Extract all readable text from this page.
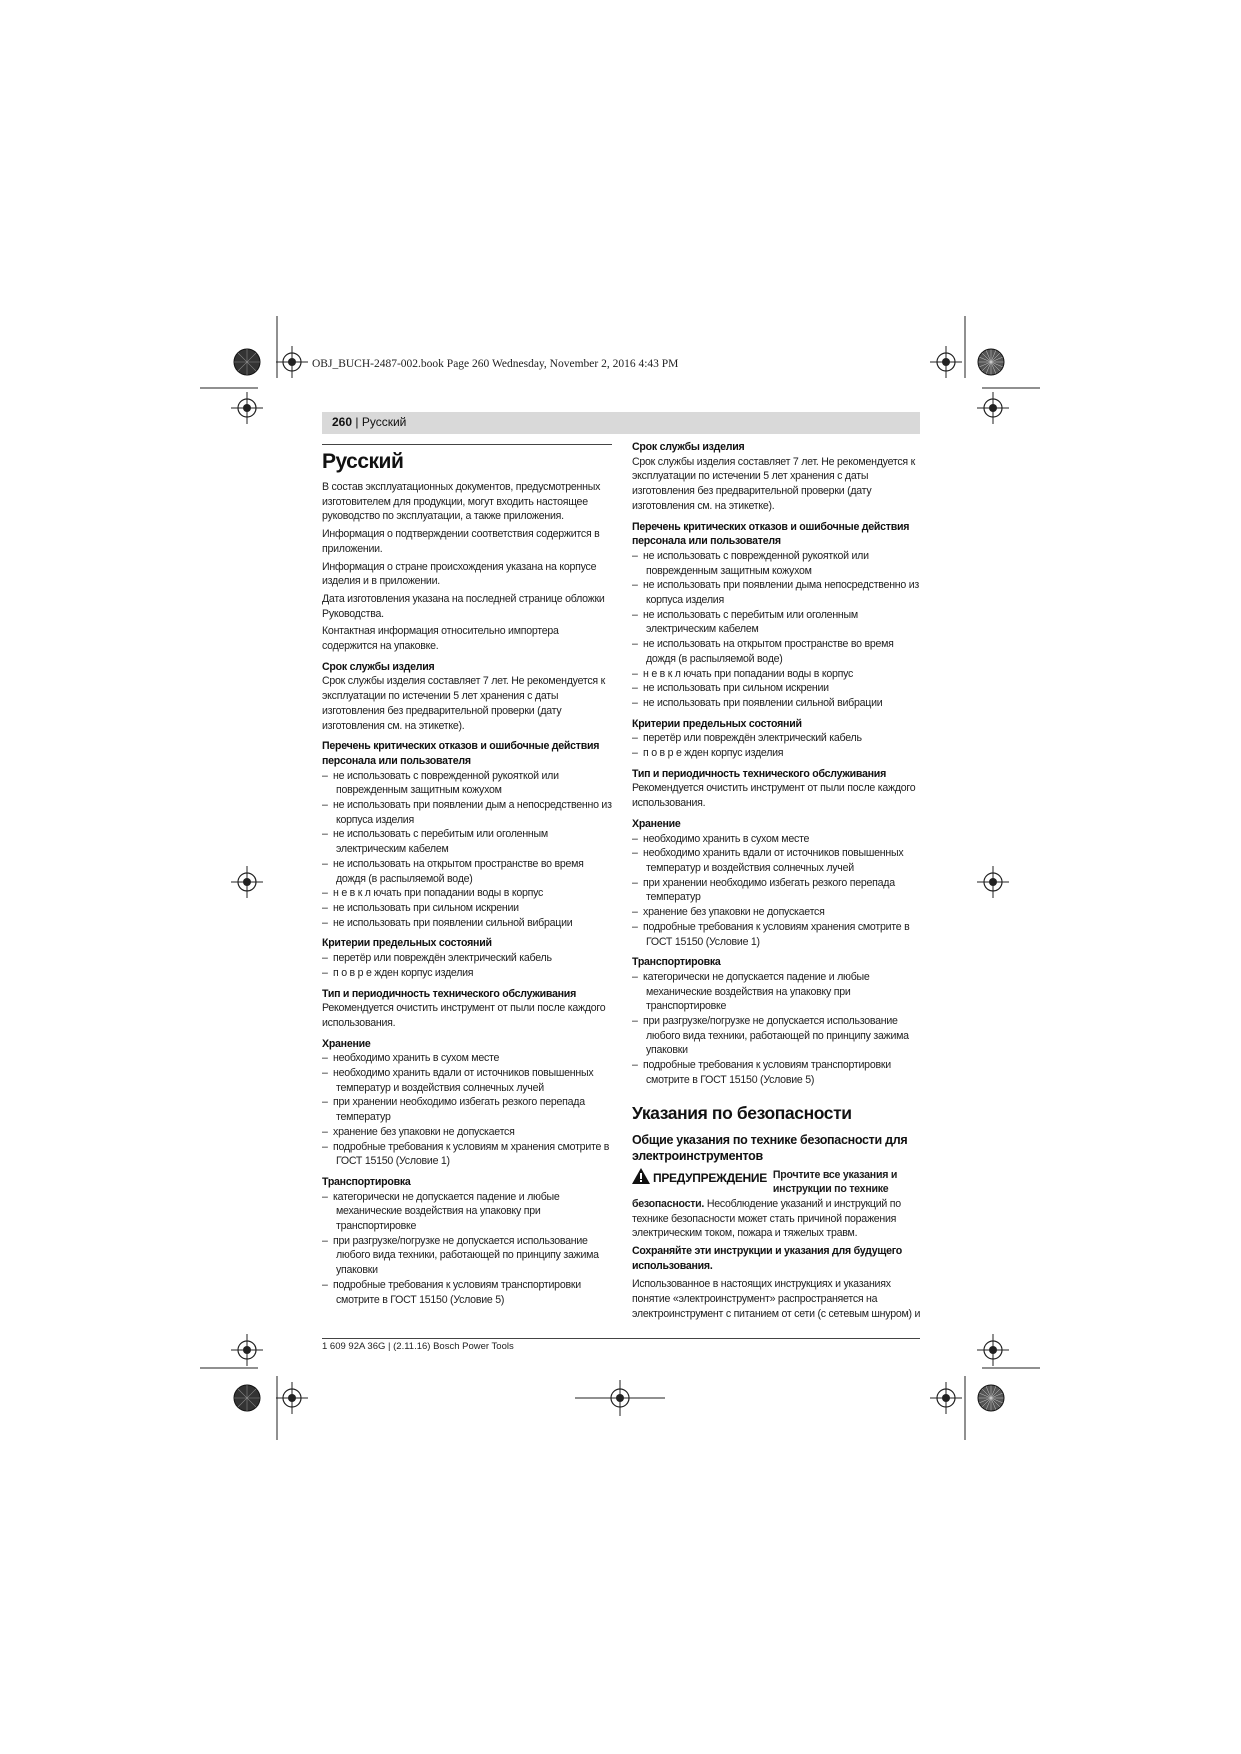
OBJ_BUCH-2487-002.book Page 260 Wednesday, November 2, 2016 4:43 PM
260 | Русский
Русский

В состав эксплуатационных документов, предусмотренных изготовителем для продукции, могут входить настоящее руководство по эксплуатации, а также приложения.

Информация о подтверждении соответствия содержится в приложении.

Информация о стране происхождения указана на корпусе изделия и в приложении.

Дата изготовления указана на последней странице обложки Руководства.

Контактная информация относительно импортера содержится на упаковке.

Срок службы изделия

Срок службы изделия составляет 7 лет. Не рекомендуется к эксплуатации по истечении 5 лет хранения с даты изготовления без предварительной проверки (дату изготовления см. на этикетке).

Перечень критических отказов и ошибочные действия персонала или пользователя
–  не использовать с поврежденной рукояткой или поврежденным защитным кожухом
–  не использовать при появлении дым а непосредственно из корпуса изделия
–  не использовать с перебитым или оголенным электрическим кабелем
–  не использовать на открытом пространстве во время дождя (в распыляемой воде)
–  н е в к л ючать при попадании воды в корпус
–  не использовать при сильном искрении
–  не использовать при появлении сильной вибрации
Критерии предельных состояний
–  перетёр или повреждён электрический кабель
–  п о в р е жден корпус изделия
Тип и периодичность технического обслуживания

Рекомендуется очистить инструмент от пыли после каждого использования.

Хранение
–  необходимо хранить в сухом месте
–  необходимо хранить вдали от источников повышенных температур и воздействия солнечных лучей
–  при хранении необходимо избегать резкого перепада температур
–  хранение без упаковки не допускается
–  подробные требования к условиям м хранения смотрите в ГОСТ 15150 (Условие 1)
Транспортировка
–  категорически не допускается падение и любые механические воздействия на упаковку при транспортировке
–  при разгрузке/погрузке не допускается использование любого вида техники, работающей по принципу зажима упаковки
–  подробные требования к условиям транспортировки смотрите в ГОСТ 15150 (Условие 5)
Срок службы изделия

Срок службы изделия составляет 7 лет. Не рекомендуется к эксплуатации по истечении 5 лет хранения с даты изготовления без предварительной проверки (дату изготовления см. на этикетке).

Перечень критических отказов и ошибочные действия персонала или пользователя
–  не использовать с поврежденной рукояткой или поврежденным защитным кожухом
–  не использовать при появлении дыма непосредственно из корпуса изделия
–  не использовать с перебитым или оголенным электрическим кабелем
–  не использовать на открытом пространстве во время дождя (в распыляемой воде)
–  н е в к л ючать при попадании воды в корпус
–  не использовать при сильном искрении
–  не использовать при появлении сильной вибрации
Критерии предельных состояний
–  перетёр или повреждён электрический кабель
–  п о в р е жден корпус изделия
Тип и периодичность технического обслуживания

Рекомендуется очистить инструмент от пыли после каждого использования.

Хранение
–  необходимо хранить в сухом месте
–  необходимо хранить вдали от источников повышенных температур и воздействия солнечных лучей
–  при хранении необходимо избегать резкого перепада температур
–  хранение без упаковки не допускается
–  подробные требования к условиям хранения смотрите в ГОСТ 15150 (Условие 1)
Транспортировка
–  категорически не допускается падение и любые механические воздействия на упаковку при транспортировке
–  при разгрузке/погрузке не допускается использование любого вида техники, работающей по принципу зажима упаковки
–  подробные требования к условиям транспортировки смотрите в ГОСТ 15150 (Условие 5)
Указания по безопасности
Общие указания по технике безопасности для электроинструментов
ПРЕДУПРЕЖДЕНИЕ Прочтите все указания и инструкции по технике

безопасности. Несоблюдение указаний и инструкций по технике безопасности может стать причиной поражения электрическим током, пожара и тяжелых травм.

Сохраняйте эти инструкции и указания для будущего использования.

Использованное в настоящих инструкциях и указаниях понятие «электроинструмент» распространяется на электроинструмент с питанием от сети (с сетевым шнуром) и

1 609 92A 36G | (2.11.16) Bosch Power Tools
